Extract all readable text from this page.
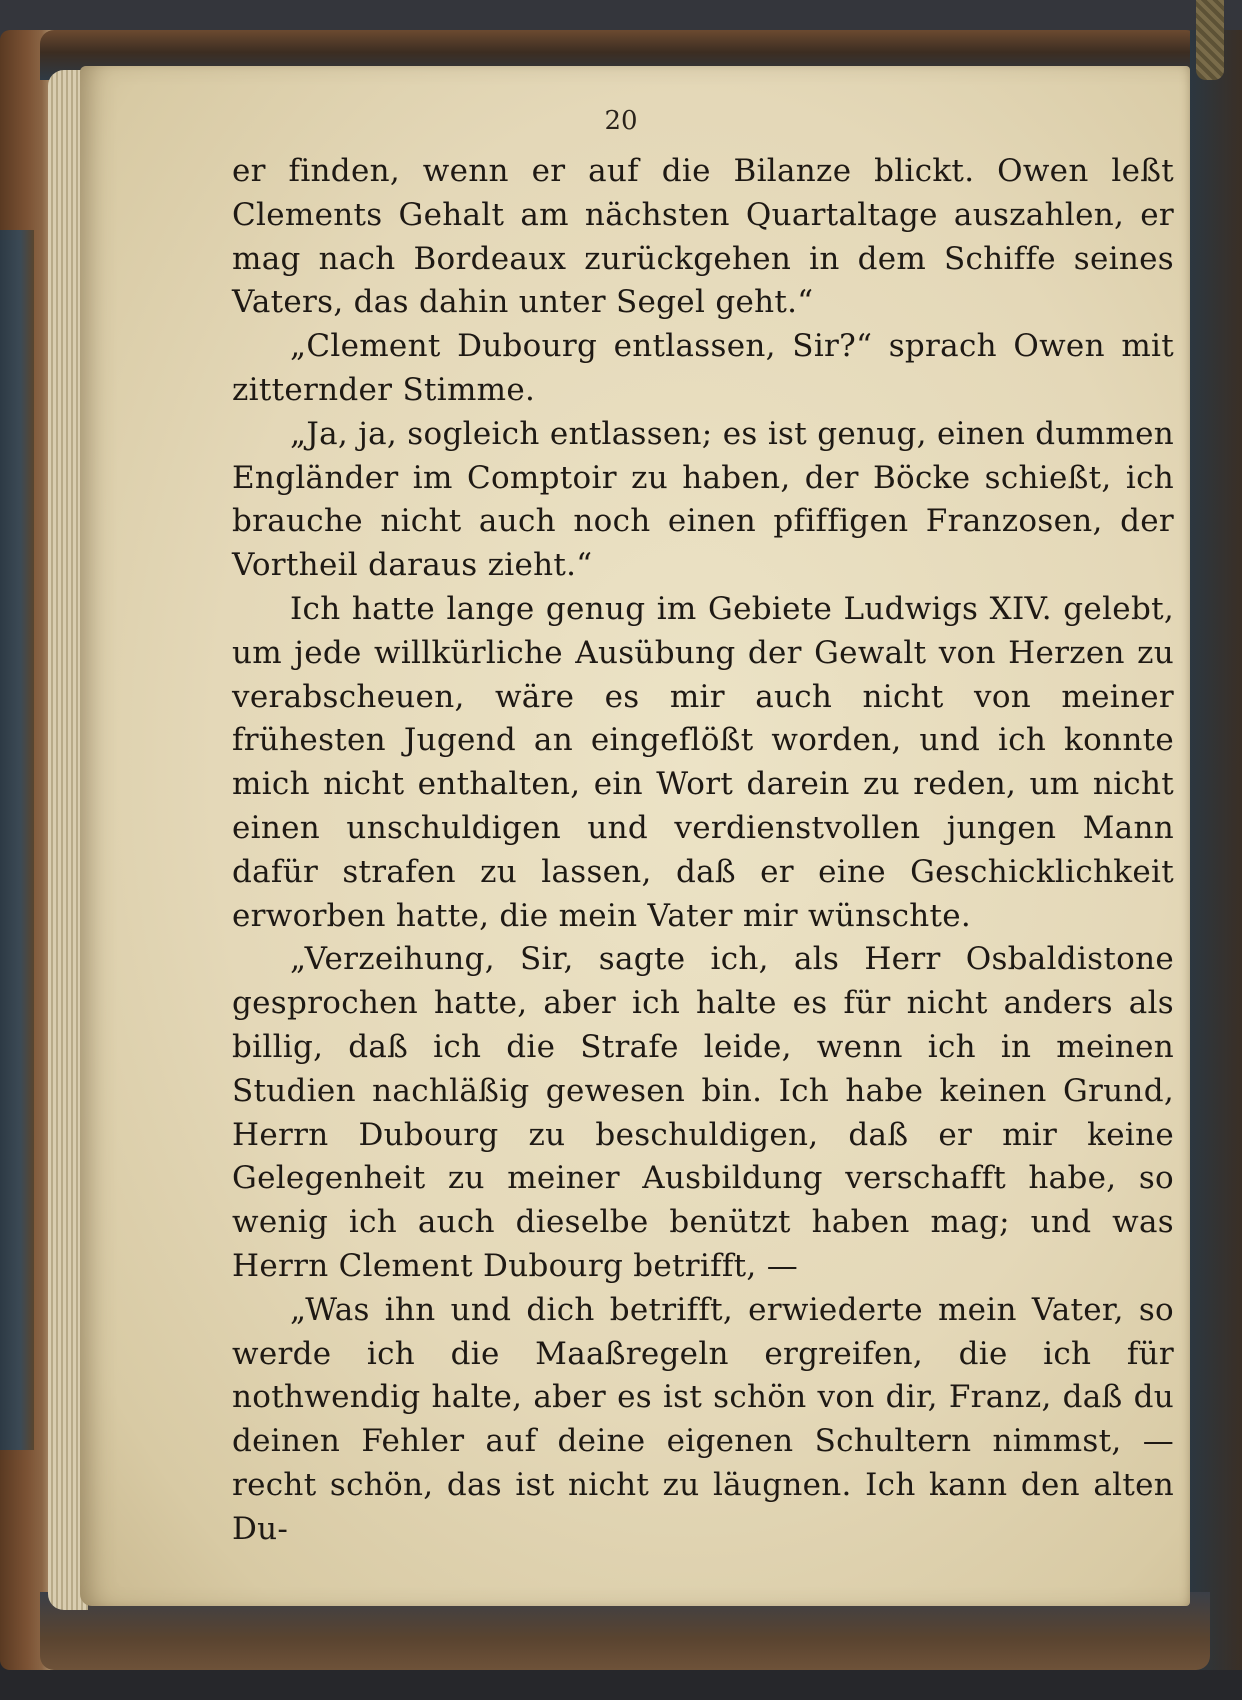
20

er finden, wenn er auf die Bilanze blickt. Owen leßt Clements Gehalt am nächsten Quartaltage auszahlen, er mag nach Bordeaux zurückgehen in dem Schiffe seines Vaters, das dahin unter Segel geht.“

„Clement Dubourg entlassen, Sir?“ sprach Owen mit zitternder Stimme.

„Ja, ja, sogleich entlassen; es ist genug, einen dummen Engländer im Comptoir zu haben, der Böcke schießt, ich brauche nicht auch noch einen pfiffigen Franzosen, der Vortheil daraus zieht.“

Ich hatte lange genug im Gebiete Ludwigs XIV. gelebt, um jede willkürliche Ausübung der Gewalt von Herzen zu verabscheuen, wäre es mir auch nicht von meiner frühesten Jugend an eingeflößt worden, und ich konnte mich nicht enthalten, ein Wort darein zu reden, um nicht einen unschuldigen und verdienstvollen jungen Mann dafür strafen zu lassen, daß er eine Geschicklichkeit erworben hatte, die mein Vater mir wünschte.

„Verzeihung, Sir, sagte ich, als Herr Osbaldistone gesprochen hatte, aber ich halte es für nicht anders als billig, daß ich die Strafe leide, wenn ich in meinen Studien nachläßig gewesen bin. Ich habe keinen Grund, Herrn Dubourg zu beschuldigen, daß er mir keine Gelegenheit zu meiner Ausbildung verschafft habe, so wenig ich auch dieselbe benützt haben mag; und was Herrn Clement Dubourg betrifft, —

„Was ihn und dich betrifft, erwiederte mein Vater, so werde ich die Maaßregeln ergreifen, die ich für nothwendig halte, aber es ist schön von dir, Franz, daß du deinen Fehler auf deine eigenen Schultern nimmst, — recht schön, das ist nicht zu läugnen. Ich kann den alten Du-
